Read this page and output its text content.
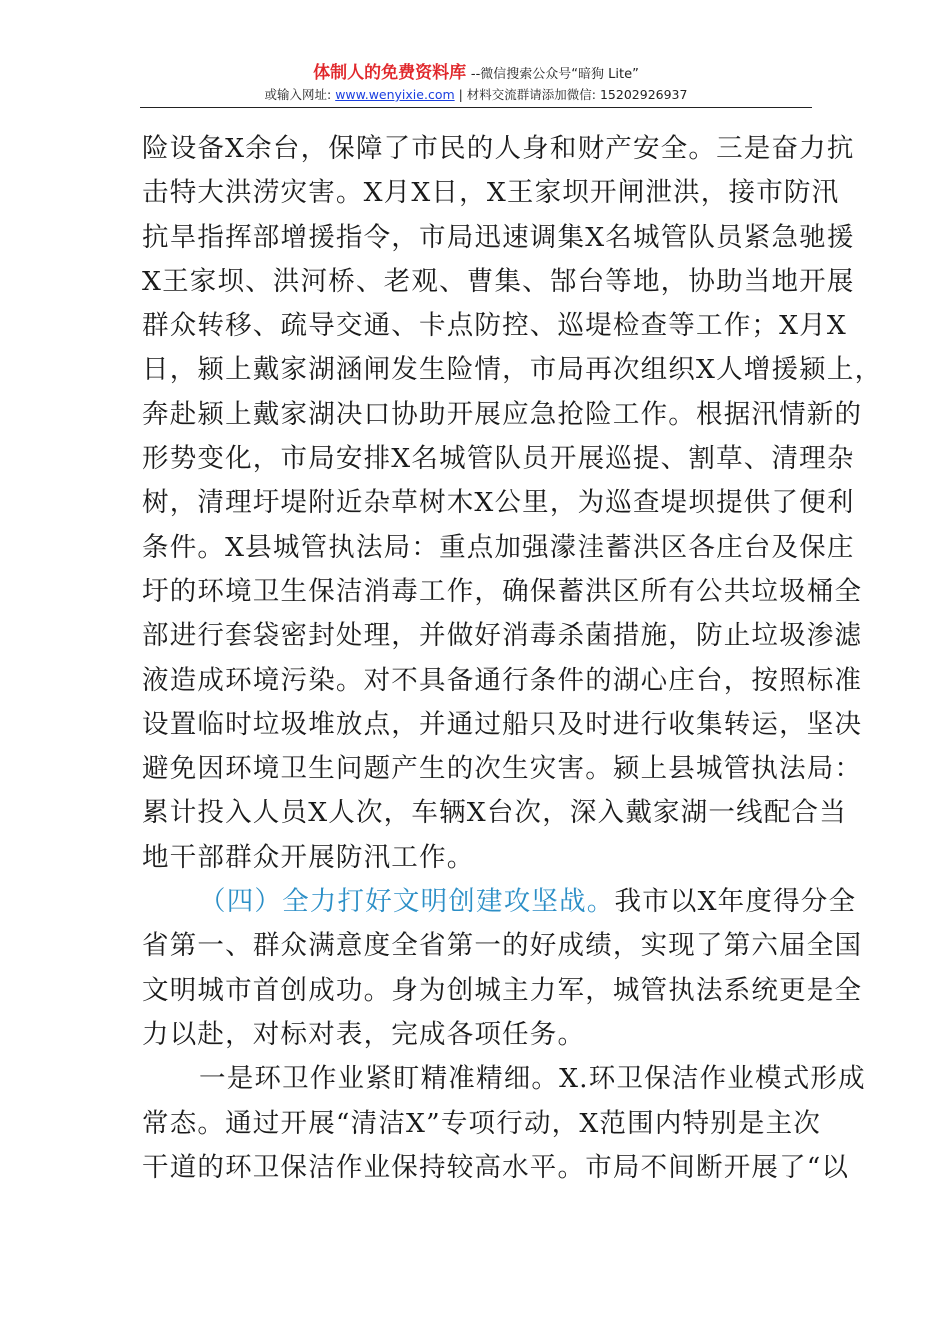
体制人的免费资料库 --微信搜索公众号“暗狗 Lite”
或输入网址: www.wenyixie.com | 材料交流群请添加微信: 15202926937

险设备X余台，保障了市民的人身和财产安全。三是奋力抗
击特大洪涝灾害。X月X日，X王家坝开闸泄洪，接市防汛
抗旱指挥部增援指令，市局迅速调集X名城管队员紧急驰援
X王家坝、洪河桥、老观、曹集、郜台等地，协助当地开展
群众转移、疏导交通、卡点防控、巡堤检查等工作；X月X
日，颍上戴家湖涵闸发生险情，市局再次组织X人增援颍上，
奔赴颍上戴家湖决口协助开展应急抢险工作。根据汛情新的
形势变化，市局安排X名城管队员开展巡提、割草、清理杂
树，清理圩堤附近杂草树木X公里，为巡查堤坝提供了便利
条件。X县城管执法局：重点加强濛洼蓄洪区各庄台及保庄
圩的环境卫生保洁消毒工作，确保蓄洪区所有公共垃圾桶全
部进行套袋密封处理，并做好消毒杀菌措施，防止垃圾渗滤
液造成环境污染。对不具备通行条件的湖心庄台，按照标准
设置临时垃圾堆放点，并通过船只及时进行收集转运，坚决
避免因环境卫生问题产生的次生灾害。颍上县城管执法局：
累计投入人员X人次，车辆X台次，深入戴家湖一线配合当
地干部群众开展防汛工作。

（四）全力打好文明创建攻坚战。我市以X年度得分全
省第一、群众满意度全省第一的好成绩，实现了第六届全国
文明城市首创成功。身为创城主力军，城管执法系统更是全
力以赴，对标对表，完成各项任务。

一是环卫作业紧盯精准精细。X.环卫保洁作业模式形成
常态。通过开展“清洁X”专项行动，X范围内特别是主次
干道的环卫保洁作业保持较高水平。市局不间断开展了“以
